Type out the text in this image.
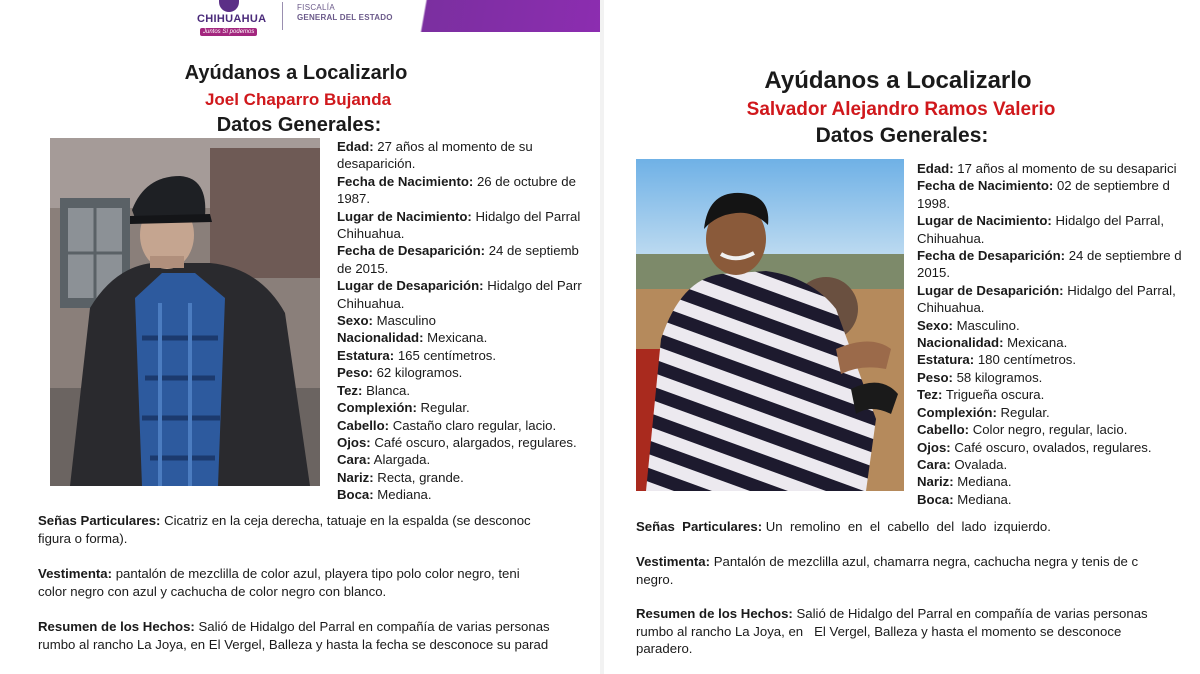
CHIHUAHUA
Juntos Sí podemos
FISCALÍA
GENERAL DEL ESTADO
Ayúdanos a Localizarlo
Joel Chaparro Bujanda
Datos Generales:
Edad: 27 años al momento de su
desaparición.
Fecha de Nacimiento: 26 de octubre de
1987.
Lugar de Nacimiento: Hidalgo del Parral
Chihuahua.
Fecha de Desaparición: 24 de septiemb
de 2015.
Lugar de Desaparición: Hidalgo del Parr
Chihuahua.
Sexo: Masculino
Nacionalidad: Mexicana.
Estatura: 165 centímetros.
Peso: 62 kilogramos.
Tez: Blanca.
Complexión: Regular.
Cabello: Castaño claro regular, lacio.
Ojos: Café oscuro, alargados, regulares.
Cara: Alargada.
Nariz: Recta, grande.
Boca: Mediana.
Señas Particulares: Cicatriz en la ceja derecha, tatuaje en la espalda (se desconoc
figura o forma).
Vestimenta: pantalón de mezclilla de color azul, playera tipo polo color negro, teni
color negro con azul y cachucha de color negro con blanco.
Resumen de los Hechos: Salió de Hidalgo del Parral en compañía de varias personas
rumbo al rancho La Joya, en El Vergel, Balleza y hasta la fecha se desconoce su parad
Ayúdanos a Localizarlo
Salvador Alejandro Ramos Valerio
Datos Generales:
Edad: 17 años al momento de su desaparici
Fecha de Nacimiento: 02 de septiembre d
1998.
Lugar de Nacimiento: Hidalgo del Parral,
Chihuahua.
Fecha de Desaparición: 24 de septiembre d
2015.
Lugar de Desaparición: Hidalgo del Parral,
Chihuahua.
Sexo: Masculino.
Nacionalidad: Mexicana.
Estatura: 180 centímetros.
Peso: 58 kilogramos.
Tez: Trigueña oscura.
Complexión: Regular.
Cabello: Color negro, regular, lacio.
Ojos: Café oscuro, ovalados, regulares.
Cara: Ovalada.
Nariz: Mediana.
Boca: Mediana.
Señas  Particulares: Un  remolino  en  el  cabello  del  lado  izquierdo.
Vestimenta: Pantalón de mezclilla azul, chamarra negra, cachucha negra y tenis de c
negro.
Resumen de los Hechos: Salió de Hidalgo del Parral en compañía de varias personas
rumbo al rancho La Joya, en   El Vergel, Balleza y hasta el momento se desconoce
paradero.
